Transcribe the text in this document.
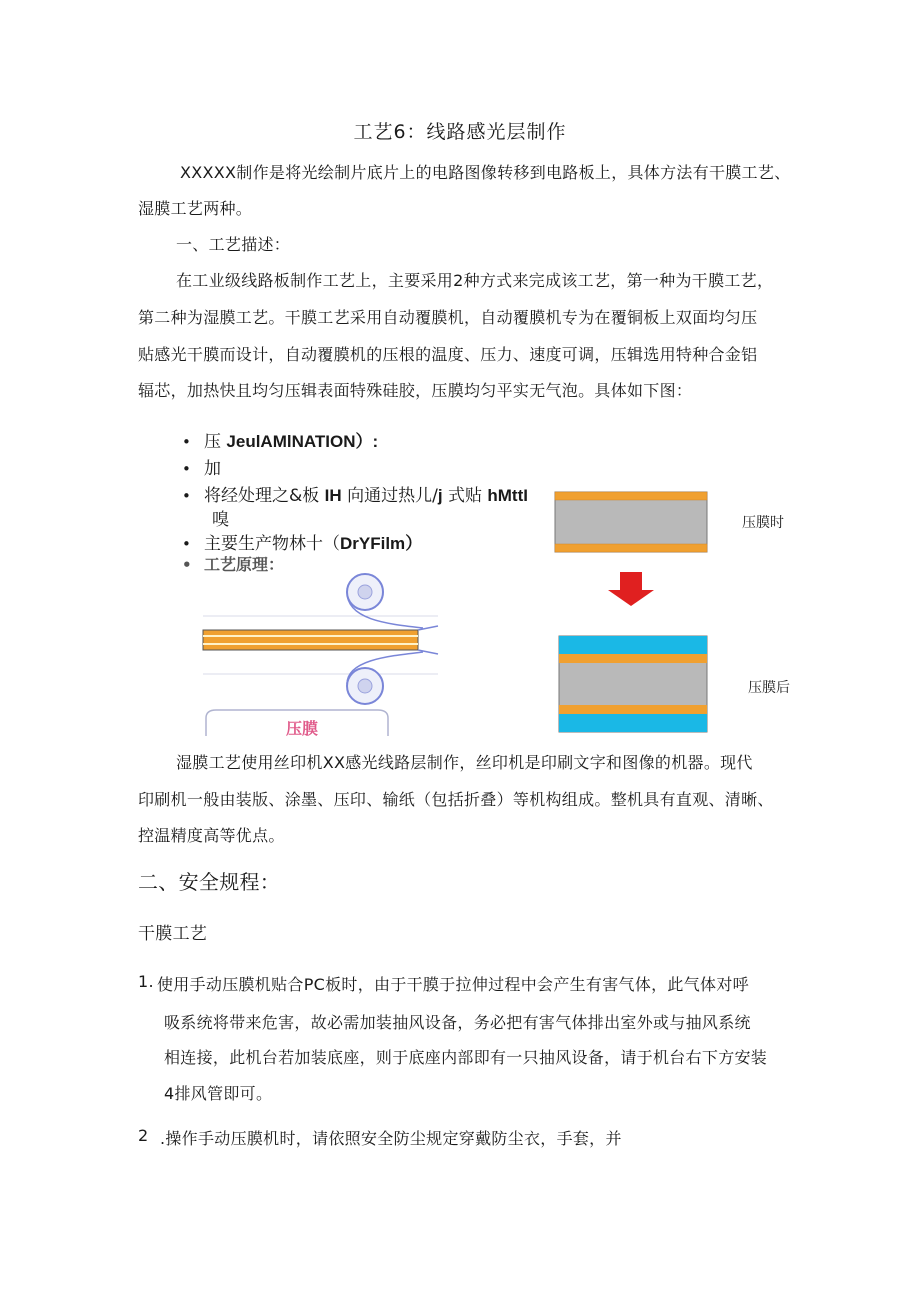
工艺6：线路感光层制作
XXXXX制作是将光绘制片底片上的电路图像转移到电路板上，具体方法有干膜工艺、
湿膜工艺两种。
一、工艺描述：
在工业级线路板制作工艺上，主要采用2种方式来完成该工艺，第一种为干膜工艺，
第二种为湿膜工艺。干膜工艺采用自动覆膜机，自动覆膜机专为在覆铜板上双面均匀压
贴感光干膜而设计，自动覆膜机的压根的温度、压力、速度可调，压辑选用特种合金铝
辐芯，加热快且均匀压辑表面特殊硅胶，压膜均匀平实无气泡。具体如下图：
• 压 JeulAMlNATION）:
• 加
• 将经处理之&板 IH 向通过热儿/j 式贴 hMttI
嗅
• 主要生产物林十（DrYFilm）
• 工艺原理：
压膜
压膜时
压膜后
湿膜工艺使用丝印机XX感光线路层制作，丝印机是印刷文字和图像的机器。现代
印刷机一般由装版、涂墨、压印、输纸（包括折叠）等机构组成。整机具有直观、清晰、
控温精度高等优点。
二、安全规程：
干膜工艺
1. 使用手动压膜机贴合PC板时，由于干膜于拉伸过程中会产生有害气体，此气体对呼
吸系统将带来危害，故必需加装抽风设备，务必把有害气体排出室外或与抽风系统
相连接，此机台若加装底座，则于底座内部即有一只抽风设备，请于机台右下方安装
4排风管即可。
2 .操作手动压膜机时，请依照安全防尘规定穿戴防尘衣，手套，并
